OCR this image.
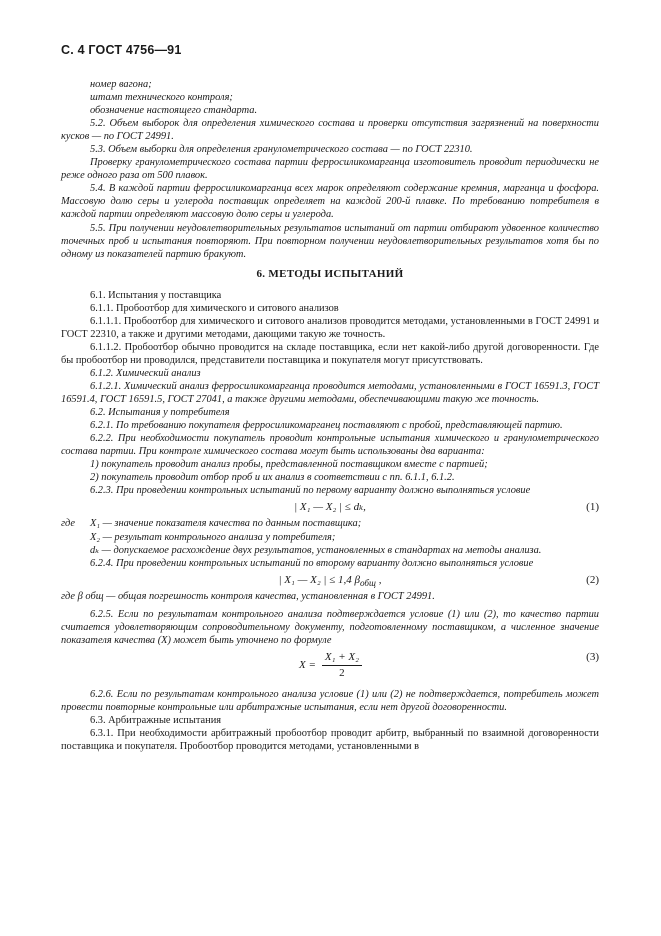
С. 4 ГОСТ 4756—91

номер вагона;

штамп технического контроля;

обозначение настоящего стандарта.

5.2. Объем выборок для определения химического состава и проверки отсутствия загрязнений на поверхности кусков — по ГОСТ 24991.

5.3. Объем выборки для определения гранулометрического состава — по ГОСТ 22310.

Проверку гранулометрического состава партии ферросиликомарганца изготовитель проводит периодически не реже одного раза от 500 плавок.

5.4. В каждой партии ферросиликомарганца всех марок определяют содержание кремния, марганца и фосфора. Массовую долю серы и углерода поставщик определяет на каждой 200-й плавке. По требованию потребителя в каждой партии определяют массовую долю серы и углерода.

5.5. При получении неудовлетворительных результатов испытаний от партии отбирают удвоенное количество точечных проб и испытания повторяют. При повторном получении неудовлетворительных результатов хотя бы по одному из показателей партию бракуют.

6. МЕТОДЫ ИСПЫТАНИЙ

6.1. Испытания у поставщика

6.1.1. Пробоотбор для химического и ситового анализов

6.1.1.1. Пробоотбор для химического и ситового анализов проводится методами, установленными в ГОСТ 24991 и ГОСТ 22310, а также и другими методами, дающими такую же точность.

6.1.1.2. Пробоотбор обычно проводится на складе поставщика, если нет какой-либо другой договоренности. Где бы пробоотбор ни проводился, представители поставщика и покупателя могут присутствовать.

6.1.2. Химический анализ

6.1.2.1. Химический анализ ферросиликомарганца проводится методами, установленными в ГОСТ 16591.3, ГОСТ 16591.4, ГОСТ 16591.5, ГОСТ 27041, а также другими методами, обеспечивающими такую же точность.

6.2. Испытания у потребителя

6.2.1. По требованию покупателя ферросиликомарганец поставляют с пробой, представляющей партию.

6.2.2. При необходимости покупатель проводит контрольные испытания химического и гранулометрического состава партии. При контроле химического состава могут быть использованы два варианта:

1) покупатель проводит анализ пробы, представленной поставщиком вместе с партией;

2) покупатель проводит отбор проб и их анализ в соответствии с пп. 6.1.1, 6.1.2.

6.2.3. При проведении контрольных испытаний по первому варианту должно выполняться условие

| X₁ — X₂ | ≤ dₖ,	(1)

где X₁ — значение показателя качества по данным поставщика;

X₂ — результат контрольного анализа у потребителя;

dₖ — допускаемое расхождение двух результатов, установленных в стандартах на методы анализа.

6.2.4. При проведении контрольных испытаний по второму варианту должно выполняться условие

| X₁ — X₂ | ≤ 1,4 $\beta_{общ}$ ,	(2)

где β общ — общая погрешность контроля качества, установленная в ГОСТ 24991.

6.2.5. Если по результатам контрольного анализа подтверждается условие (1) или (2), то качество партии считается удовлетворяющим сопроводительному документу, подготовленному поставщиком, а численное значение показателя качества (X) может быть уточнено по формуле

$X = \frac{\text{X₁ + X₂}}{2}$	(3)

6.2.6. Если по результатам контрольного анализа условие (1) или (2) не подтверждается, потребитель может провести повторные контрольные или арбитражные испытания, если нет другой договоренности.

6.3. Арбитражные испытания

6.3.1. При необходимости арбитражный пробоотбор проводит арбитр, выбранный по взаимной договоренности поставщика и покупателя. Пробоотбор проводится методами, установленными в
